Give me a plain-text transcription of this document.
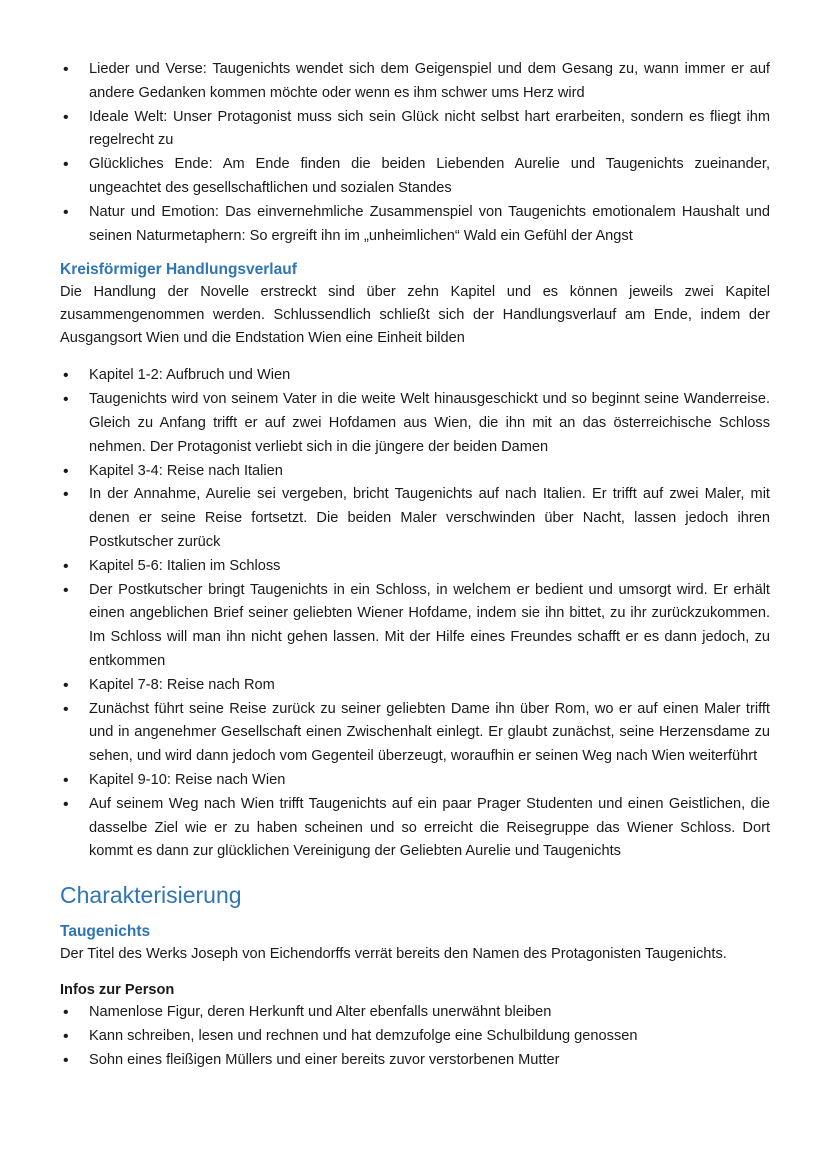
• Lieder und Verse: Taugenichts wendet sich dem Geigenspiel und dem Gesang zu, wann immer er auf andere Gedanken kommen möchte oder wenn es ihm schwer ums Herz wird
• Ideale Welt: Unser Protagonist muss sich sein Glück nicht selbst hart erarbeiten, sondern es fliegt ihm regelrecht zu
• Glückliches Ende: Am Ende finden die beiden Liebenden Aurelie und Taugenichts zueinander, ungeachtet des gesellschaftlichen und sozialen Standes
• Natur und Emotion: Das einvernehmliche Zusammenspiel von Taugenichts emotionalem Haushalt und seinen Naturmetaphern: So ergreift ihn im „unheimlichen“ Wald ein Gefühl der Angst
Kreisförmiger Handlungsverlauf

Die Handlung der Novelle erstreckt sind über zehn Kapitel und es können jeweils zwei Kapitel zusammengenommen werden. Schlussendlich schließt sich der Handlungsverlauf am Ende, indem der Ausgangsort Wien und die Endstation Wien eine Einheit bilden

• Kapitel 1-2: Aufbruch und Wien
• Taugenichts wird von seinem Vater in die weite Welt hinausgeschickt und so beginnt seine Wanderreise. Gleich zu Anfang trifft er auf zwei Hofdamen aus Wien, die ihn mit an das österreichische Schloss nehmen. Der Protagonist verliebt sich in die jüngere der beiden Damen
• Kapitel 3-4: Reise nach Italien
• In der Annahme, Aurelie sei vergeben, bricht Taugenichts auf nach Italien. Er trifft auf zwei Maler, mit denen er seine Reise fortsetzt. Die beiden Maler verschwinden über Nacht, lassen jedoch ihren Postkutscher zurück
• Kapitel 5-6: Italien im Schloss
• Der Postkutscher bringt Taugenichts in ein Schloss, in welchem er bedient und umsorgt wird. Er erhält einen angeblichen Brief seiner geliebten Wiener Hofdame, indem sie ihn bittet, zu ihr zurückzukommen. Im Schloss will man ihn nicht gehen lassen. Mit der Hilfe eines Freundes schafft er es dann jedoch, zu entkommen
• Kapitel 7-8: Reise nach Rom
• Zunächst führt seine Reise zurück zu seiner geliebten Dame ihn über Rom, wo er auf einen Maler trifft und in angenehmer Gesellschaft einen Zwischenhalt einlegt. Er glaubt zunächst, seine Herzensdame zu sehen, und wird dann jedoch vom Gegenteil überzeugt, woraufhin er seinen Weg nach Wien weiterführt
• Kapitel 9-10: Reise nach Wien
• Auf seinem Weg nach Wien trifft Taugenichts auf ein paar Prager Studenten und einen Geistlichen, die dasselbe Ziel wie er zu haben scheinen und so erreicht die Reisegruppe das Wiener Schloss. Dort kommt es dann zur glücklichen Vereinigung der Geliebten Aurelie und Taugenichts
Charakterisierung
Taugenichts

Der Titel des Werks Joseph von Eichendorffs verrät bereits den Namen des Protagonisten Taugenichts.

Infos zur Person

• Namenlose Figur, deren Herkunft und Alter ebenfalls unerwähnt bleiben
• Kann schreiben, lesen und rechnen und hat demzufolge eine Schulbildung genossen
• Sohn eines fleißigen Müllers und einer bereits zuvor verstorbenen Mutter
